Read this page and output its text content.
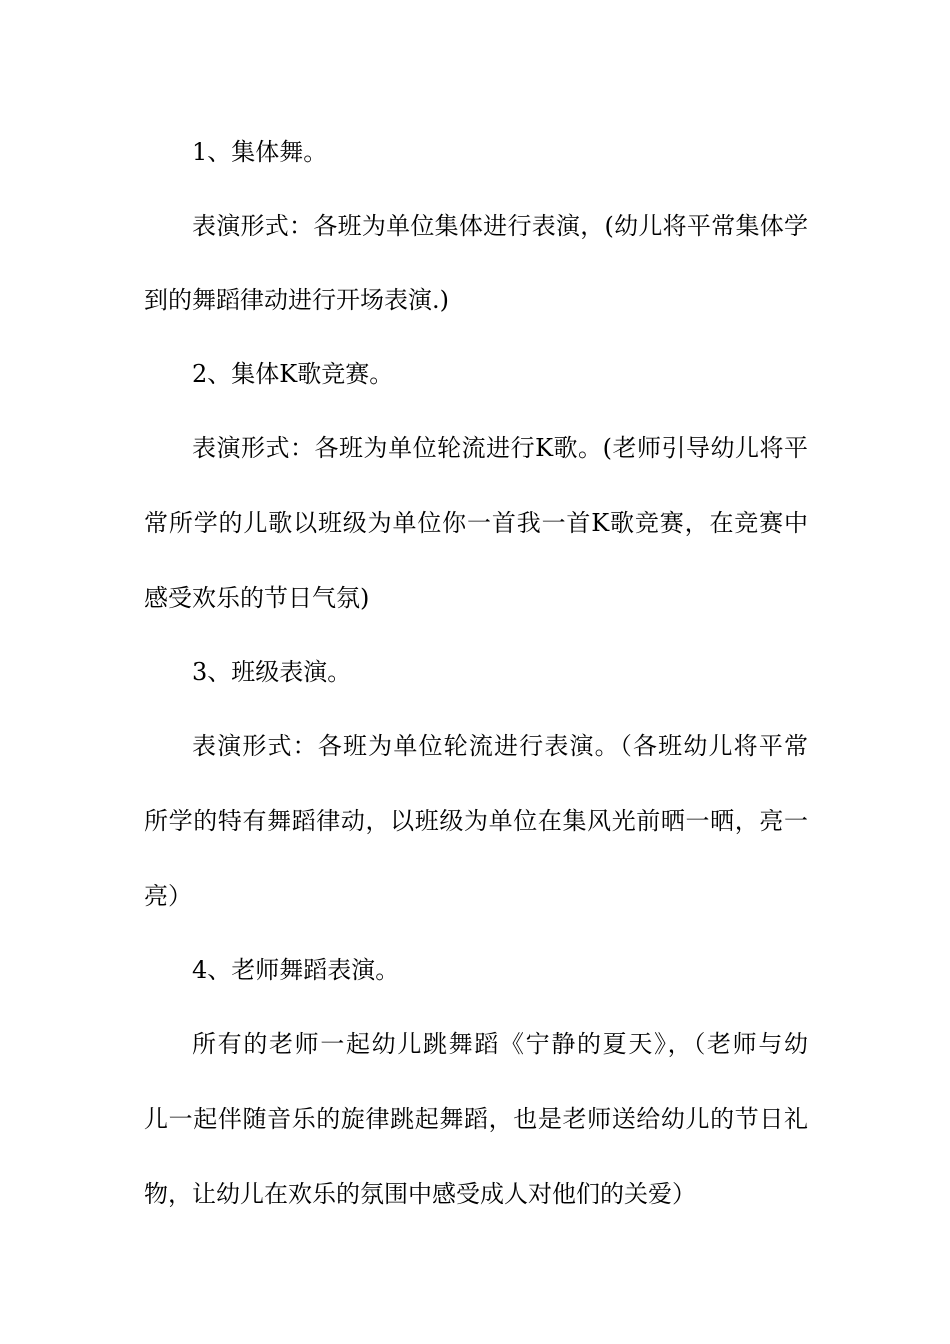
1、集体舞。
表演形式：各班为单位集体进行表演，(幼儿将平常集体学
到的舞蹈律动进行开场表演.)
2、集体K歌竞赛。
表演形式：各班为单位轮流进行K歌。(老师引导幼儿将平
常所学的儿歌以班级为单位你一首我一首K歌竞赛，在竞赛中
感受欢乐的节日气氛)
3、班级表演。
表演形式：各班为单位轮流进行表演。（各班幼儿将平常
所学的特有舞蹈律动，以班级为单位在集风光前晒一晒，亮一
亮）
4、老师舞蹈表演。
所有的老师一起幼儿跳舞蹈《宁静的夏天》，（老师与幼
儿一起伴随音乐的旋律跳起舞蹈，也是老师送给幼儿的节日礼
物，让幼儿在欢乐的氛围中感受成人对他们的关爱）
